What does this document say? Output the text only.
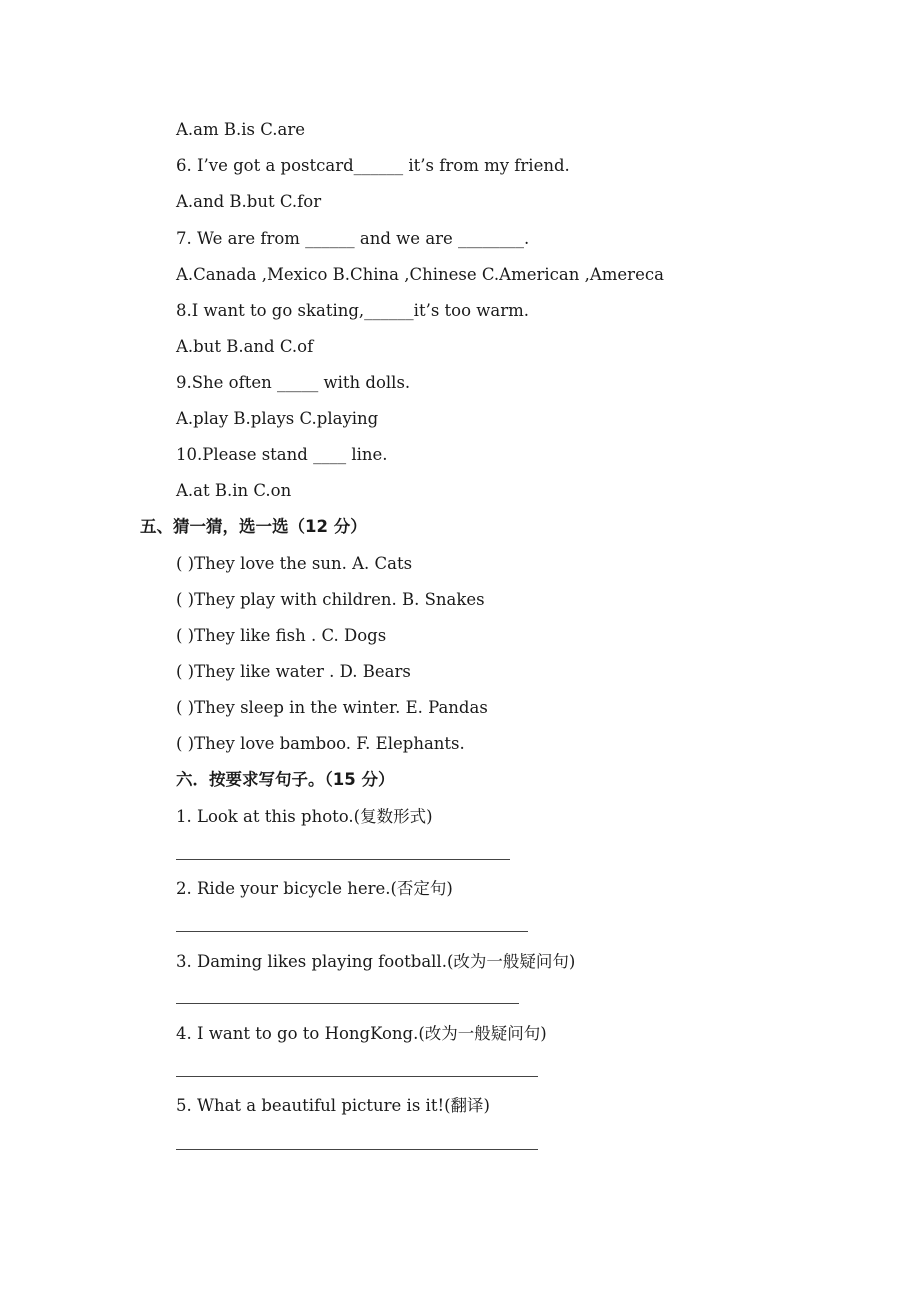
A.am B.is C.are
6. I’ve got a postcard______ it’s from my friend.
A.and B.but C.for
7. We are from ______ and we are ________.
A.Canada ,Mexico B.China ,Chinese C.American ,Amereca
8.I want to go skating,______it’s too warm.
A.but B.and C.of
9.She often _____ with dolls.
A.play B.plays C.playing
10.Please stand ____ line.
A.at B.in C.on
五、猜一猜，选一选（12 分）
( )They love the sun. A. Cats
( )They play with children. B. Snakes
( )They like fish . C. Dogs
( )They like water . D. Bears
( )They sleep in the winter. E. Pandas
( )They love bamboo. F. Elephants.
六．按要求写句子。（15 分）
1. Look at this photo.(复数形式)
2. Ride your bicycle here.(否定句)
3. Daming likes playing football.(改为一般疑问句)
4. I want to go to HongKong.(改为一般疑问句)
5. What a beautiful picture is it!(翻译)
